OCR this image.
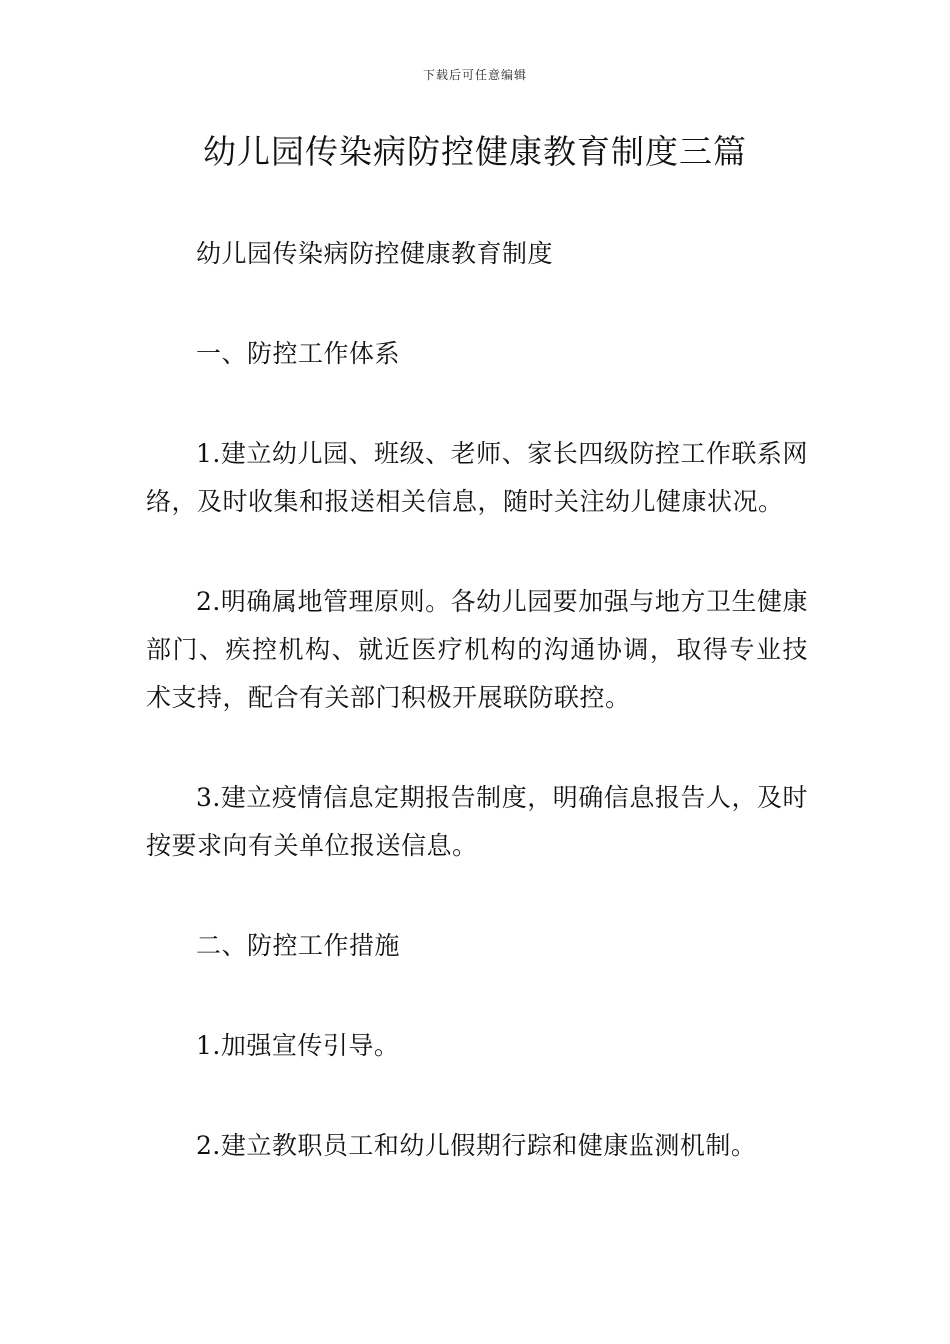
下载后可任意编辑
幼儿园传染病防控健康教育制度三篇

幼儿园传染病防控健康教育制度

一、防控工作体系

1.建立幼儿园、班级、老师、家长四级防控工作联系网络，及时收集和报送相关信息，随时关注幼儿健康状况。

2.明确属地管理原则。各幼儿园要加强与地方卫生健康部门、疾控机构、就近医疗机构的沟通协调，取得专业技术支持，配合有关部门积极开展联防联控。

3.建立疫情信息定期报告制度，明确信息报告人，及时按要求向有关单位报送信息。

二、防控工作措施

1.加强宣传引导。

2.建立教职员工和幼儿假期行踪和健康监测机制。
